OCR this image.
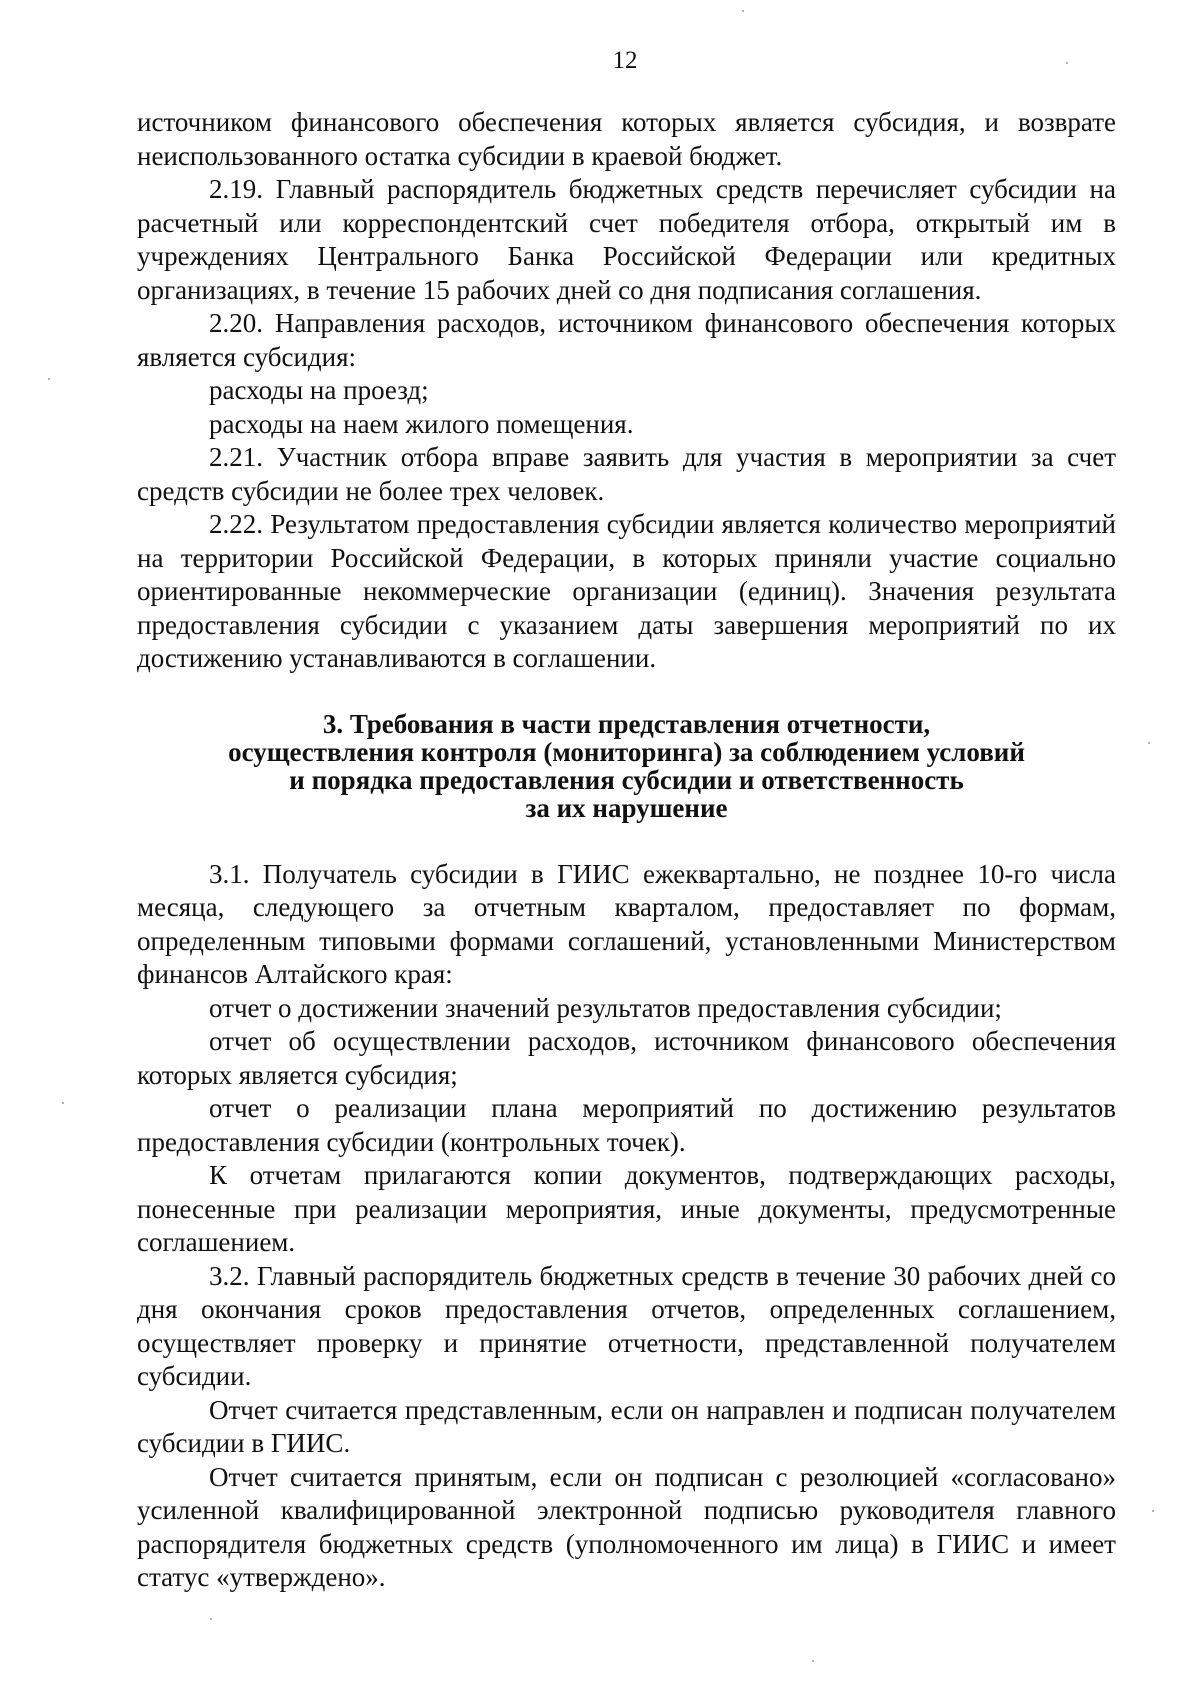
12

источником финансового обеспечения которых является субсидия, и возврате неиспользованного остатка субсидии в краевой бюджет.

2.19. Главный распорядитель бюджетных средств перечисляет субсидии на расчетный или корреспондентский счет победителя отбора, открытый им в учреждениях Центрального Банка Российской Федерации или кредитных организациях, в течение 15 рабочих дней со дня подписания соглашения.

2.20. Направления расходов, источником финансового обеспечения которых является субсидия:

расходы на проезд;

расходы на наем жилого помещения.

2.21. Участник отбора вправе заявить для участия в мероприятии за счет средств субсидии не более трех человек.

2.22. Результатом предоставления субсидии является количество мероприятий на территории Российской Федерации, в которых приняли участие социально ориентированные некоммерческие организации (единиц). Значения результата предоставления субсидии с указанием даты завершения мероприятий по их достижению устанавливаются в соглашении.

3. Требования в части представления отчетности,
осуществления контроля (мониторинга) за соблюдением условий
и порядка предоставления субсидии и ответственность
за их нарушение

3.1. Получатель субсидии в ГИИС ежеквартально, не позднее 10-го числа месяца, следующего за отчетным кварталом, предоставляет по формам, определенным типовыми формами соглашений, установленными Министерством финансов Алтайского края:

отчет о достижении значений результатов предоставления субсидии;

отчет об осуществлении расходов, источником финансового обеспечения которых является субсидия;

отчет о реализации плана мероприятий по достижению результатов предоставления субсидии (контрольных точек).

К отчетам прилагаются копии документов, подтверждающих расходы, понесенные при реализации мероприятия, иные документы, предусмотренные соглашением.

3.2. Главный распорядитель бюджетных средств в течение 30 рабочих дней со дня окончания сроков предоставления отчетов, определенных соглашением, осуществляет проверку и принятие отчетности, представленной получателем субсидии.

Отчет считается представленным, если он направлен и подписан получателем субсидии в ГИИС.

Отчет считается принятым, если он подписан с резолюцией «согласовано» усиленной квалифицированной электронной подписью руководителя главного распорядителя бюджетных средств (уполномоченного им лица) в ГИИС и имеет статус «утверждено».
